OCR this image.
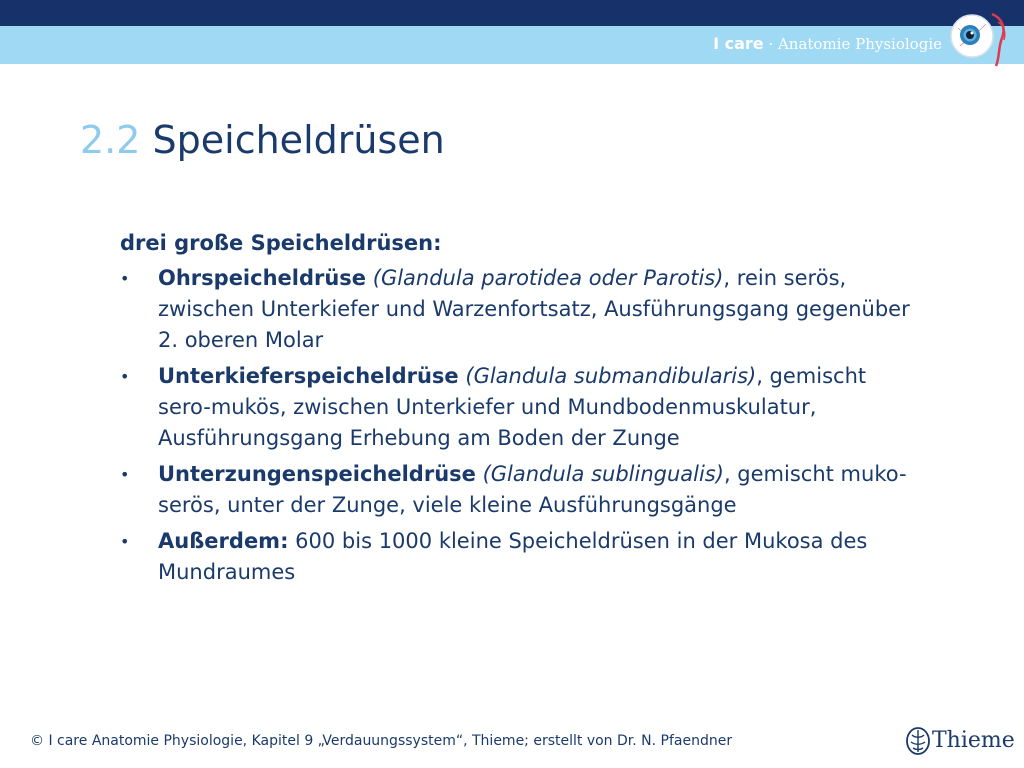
I care · Anatomie Physiologie
2.2 Speicheldrüsen

drei große Speicheldrüsen:

• Ohrspeicheldrüse (Glandula parotidea oder Parotis), rein serös, zwischen Unterkiefer und Warzenfortsatz, Ausführungsgang gegenüber 2. oberen Molar
• Unterkieferspeicheldrüse (Glandula submandibularis), gemischt sero-mukös, zwischen Unterkiefer und Mundbodenmuskulatur, Ausführungsgang Erhebung am Boden der Zunge
• Unterzungenspeicheldrüse (Glandula sublingualis), gemischt muko-serös, unter der Zunge, viele kleine Ausführungsgänge
• Außerdem: 600 bis 1000 kleine Speicheldrüsen in der Mukosa des Mundraumes
© I care Anatomie Physiologie, Kapitel 9 „Verdauungssystem“, Thieme; erstellt von Dr. N. Pfaendner	Thieme
